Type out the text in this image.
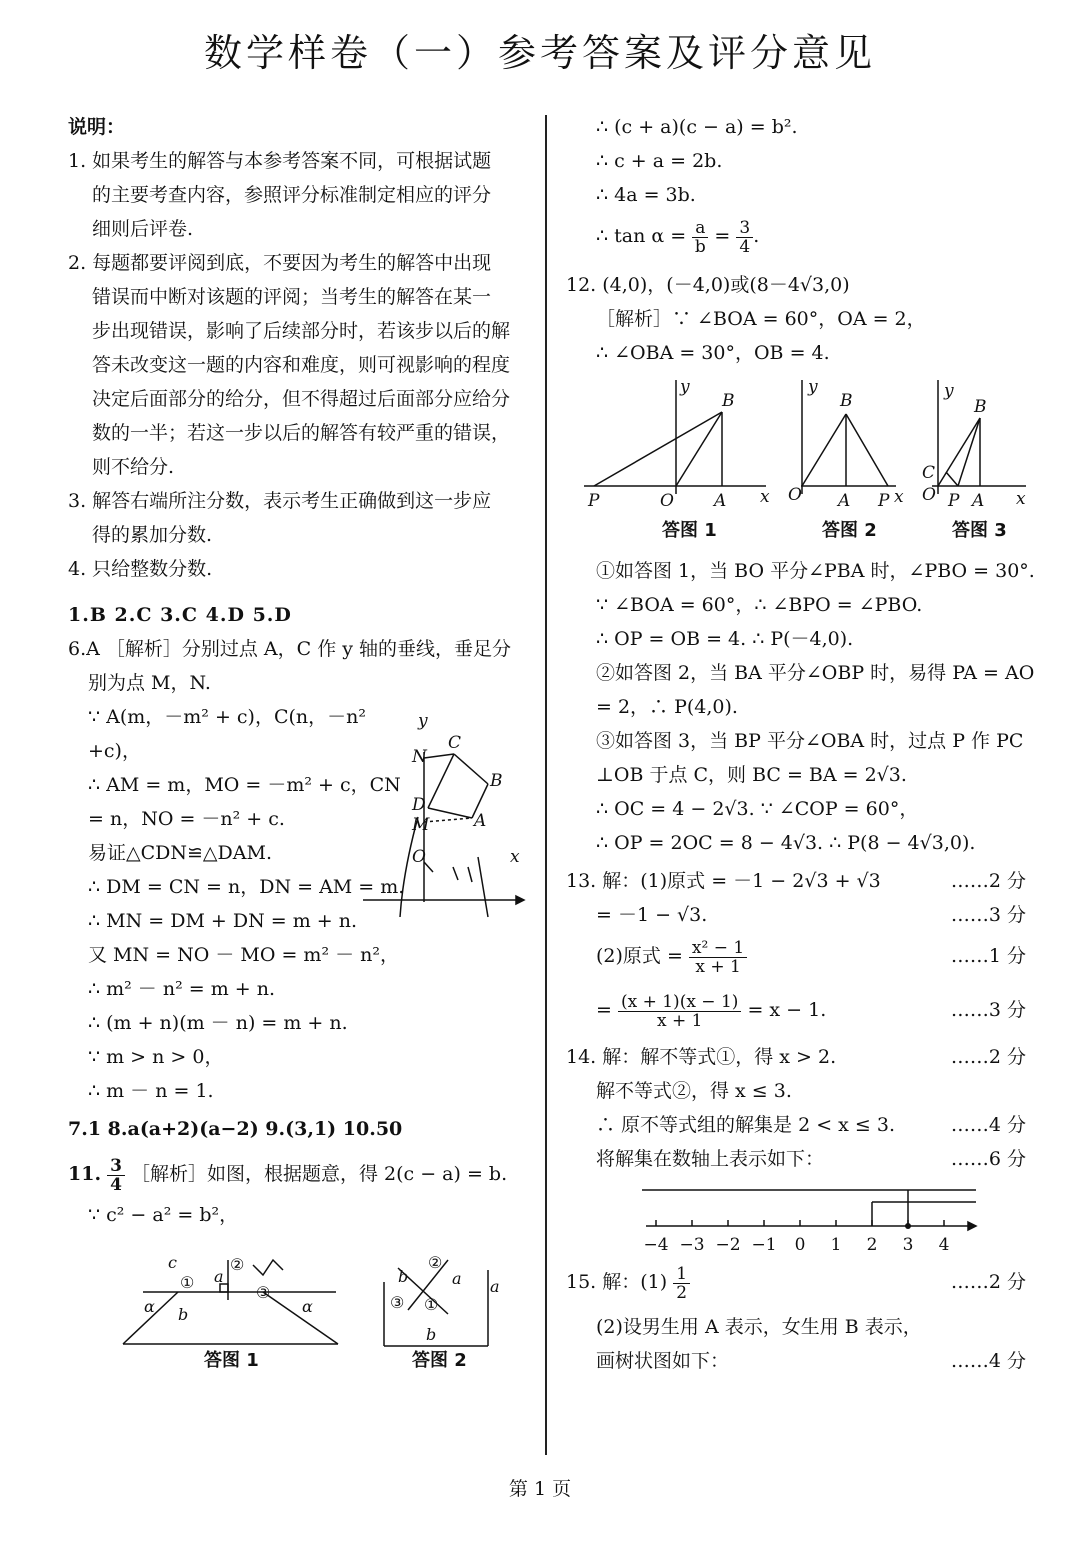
数学样卷（一）参考答案及评分意见
说明：
1. 如果考生的解答与本参考答案不同，可根据试题
的主要考查内容，参照评分标准制定相应的评分
细则后评卷.
2. 每题都要评阅到底，不要因为考生的解答中出现
错误而中断对该题的评阅；当考生的解答在某一
步出现错误，影响了后续部分时，若该步以后的解
答未改变这一题的内容和难度，则可视影响的程度
决定后面部分的给分，但不得超过后面部分应给分
数的一半；若这一步以后的解答有较严重的错误，
则不给分.
3. 解答右端所注分数，表示考生正确做到这一步应
得的累加分数.
4. 只给整数分数.
1.B 2.C 3.C 4.D 5.D
6.A ［解析］分别过点 A，C 作 y 轴的垂线，垂足分
别为点 M，N.
∵ A(m，－m² + c)，C(n，－n²
+c)，
∴ AM = m，MO = －m² + c，CN
= n，NO = －n² + c.
易证△CDN≌△DAM.
∴ DM = CN = n，DN = AM = m.
∴ MN = DM + DN = m + n.
又 MN = NO － MO = m² － n²，
∴ m² － n² = m + n.
∴ (m + n)(m － n) = m + n.
∵ m > n > 0，
∴ m － n = 1.
y
N
C
B
D
M	A
O	x
7.1 8.a(a+2)(a−2) 9.(3,1) 10.50
11. $\frac{3}{4}$ ［解析］如图，根据题意，得 2(c − a) = b.
∵ c² − a² = b²，
c
a
①
②
③
α	α
b
b
②
a
③ ①
a
b
答图 1	答图 2
∴ (c + a)(c − a) = b².
∴ c + a = 2b.
∴ 4a = 3b.
∴ $\tan \alpha = \frac{a}{b} = \frac{3}{4}$ .
12. (4,0)，(－4,0)或(8－4√3,0)
［解析］∵ ∠BOA = 60°，OA = 2，
∴ ∠OBA = 30°，OB = 4.
y
B
P	O A x
y
B
O A P x
y
B
C
O P A x
答图 1	答图 2	答图 3
①如答图 1，当 BO 平分∠PBA 时，∠PBO = 30°.
∵ ∠BOA = 60°，∴ ∠BPO = ∠PBO.
∴ OP = OB = 4. ∴ P(－4,0).
②如答图 2，当 BA 平分∠OBP 时，易得 PA = AO
= 2，∴ P(4,0).
③如答图 3，当 BP 平分∠OBA 时，过点 P 作 PC
⊥OB 于点 C，则 BC = BA = 2√3.
∴ OC = 4 − 2√3. ∵ ∠COP = 60°，
∴ OP = 2OC = 8 − 4√3. ∴ P(8 − 4√3,0).
13. 解：(1)原式 = －1 − 2√3 + √3	……2 分
= －1 − √3.	……3 分
(2)原式 = $\frac{\text{x² − 1}}{x + 1}$	……1 分
= $\frac{(x + 1)(x - 1)}{x + 1} = x - 1$.	……3 分
14. 解：解不等式①，得 x > 2.	……2 分
解不等式②，得 x ≤ 3.
∴ 原不等式组的解集是 2 < x ≤ 3.	……4 分
将解集在数轴上表示如下：	……6 分
−4 −3 −2 −1 0 1 2 3 4
15. 解：$(1) \frac{1}{2}$	……2 分
(2)设男生用 A 表示，女生用 B 表示，
画树状图如下：	……4 分
第 1 页
